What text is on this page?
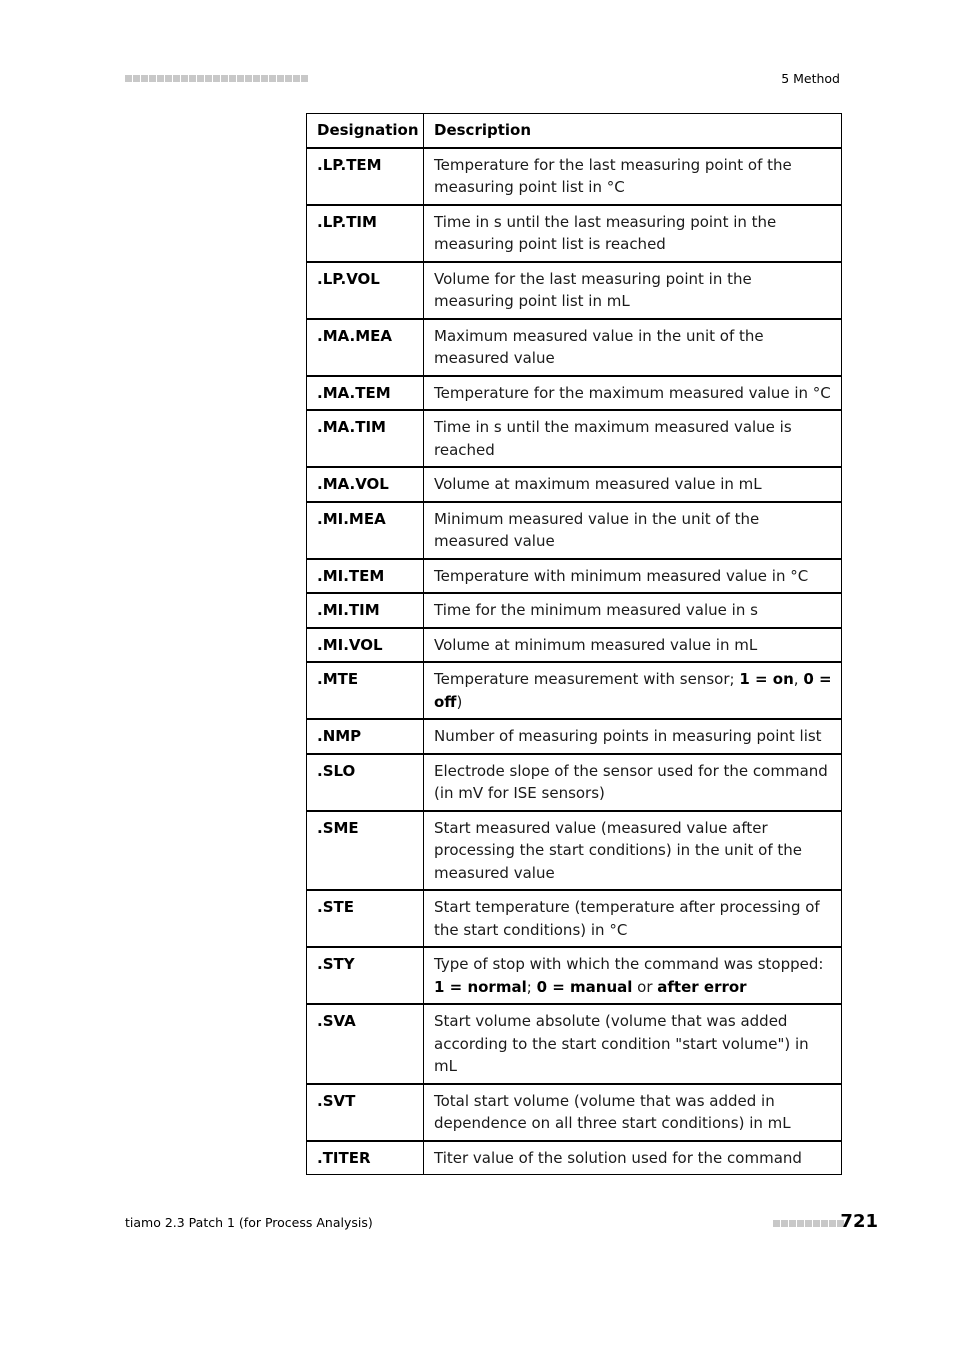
5 Method
Designation	Description
.LP.TEM	Temperature for the last measuring point of the measuring point list in °C
.LP.TIM	Time in s until the last measuring point in the measuring point list is reached
.LP.VOL	Volume for the last measuring point in the measuring point list in mL
.MA.MEA	Maximum measured value in the unit of the measured value
.MA.TEM	Temperature for the maximum measured value in °C
.MA.TIM	Time in s until the maximum measured value is reached
.MA.VOL	Volume at maximum measured value in mL
.MI.MEA	Minimum measured value in the unit of the measured value
.MI.TEM	Temperature with minimum measured value in °C
.MI.TIM	Time for the minimum measured value in s
.MI.VOL	Volume at minimum measured value in mL
.MTE	Temperature measurement with sensor; 1 = on, 0 = off)
.NMP	Number of measuring points in measuring point list
.SLO	Electrode slope of the sensor used for the command (in mV for ISE sensors)
.SME	Start measured value (measured value after processing the start conditions) in the unit of the measured value
.STE	Start temperature (temperature after processing of the start conditions) in °C
.STY	Type of stop with which the command was stopped: 1 = normal; 0 = manual or after error
.SVA	Start volume absolute (volume that was added according to the start condition "start volume") in mL
.SVT	Total start volume (volume that was added in dependence on all three start conditions) in mL
.TITER	Titer value of the solution used for the command
tiamo 2.3 Patch 1 (for Process Analysis)	721
